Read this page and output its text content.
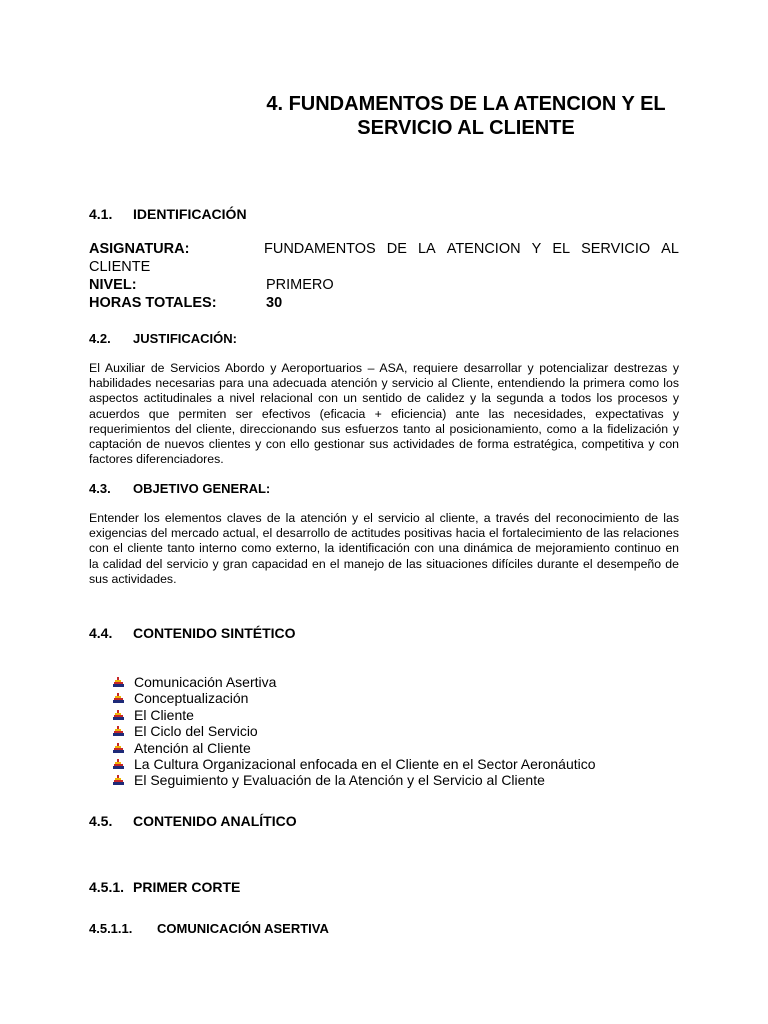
4. FUNDAMENTOS DE LA ATENCION Y EL
SERVICIO AL CLIENTE
4.1. IDENTIFICACIÓN
ASIGNATURA:	FUNDAMENTOS DE LA ATENCION Y EL SERVICIO AL
CLIENTE
NIVEL:	PRIMERO
HORAS TOTALES:	30
4.2. JUSTIFICACIÓN:
El Auxiliar de Servicios Abordo y Aeroportuarios – ASA, requiere desarrollar y potencializar destrezas y
habilidades necesarias para una adecuada atención y servicio al Cliente, entendiendo la primera como los
aspectos actitudinales a nivel relacional con un sentido de calidez y la segunda a todos los procesos y
acuerdos que permiten ser efectivos (eficacia + eficiencia) ante las necesidades, expectativas y
requerimientos del cliente, direccionando sus esfuerzos tanto al posicionamiento, como a la fidelización y
captación de nuevos clientes y con ello gestionar sus actividades de forma estratégica, competitiva y con
factores diferenciadores.
4.3. OBJETIVO GENERAL:
Entender los elementos claves de la atención y el servicio al cliente, a través del reconocimiento de las
exigencias del mercado actual, el desarrollo de actitudes positivas hacia el fortalecimiento de las relaciones
con el cliente tanto interno como externo, la identificación con una dinámica de mejoramiento continuo en
la calidad del servicio y gran capacidad en el manejo de las situaciones difíciles durante el desempeño de
sus actividades.
4.4. CONTENIDO SINTÉTICO
Comunicación Asertiva
Conceptualización
El Cliente
El Ciclo del Servicio
Atención al Cliente
La Cultura Organizacional enfocada en el Cliente en el Sector Aeronáutico
El Seguimiento y Evaluación de la Atención y el Servicio al Cliente
4.5. CONTENIDO ANALÍTICO
4.5.1. PRIMER CORTE
4.5.1.1. COMUNICACIÓN ASERTIVA
